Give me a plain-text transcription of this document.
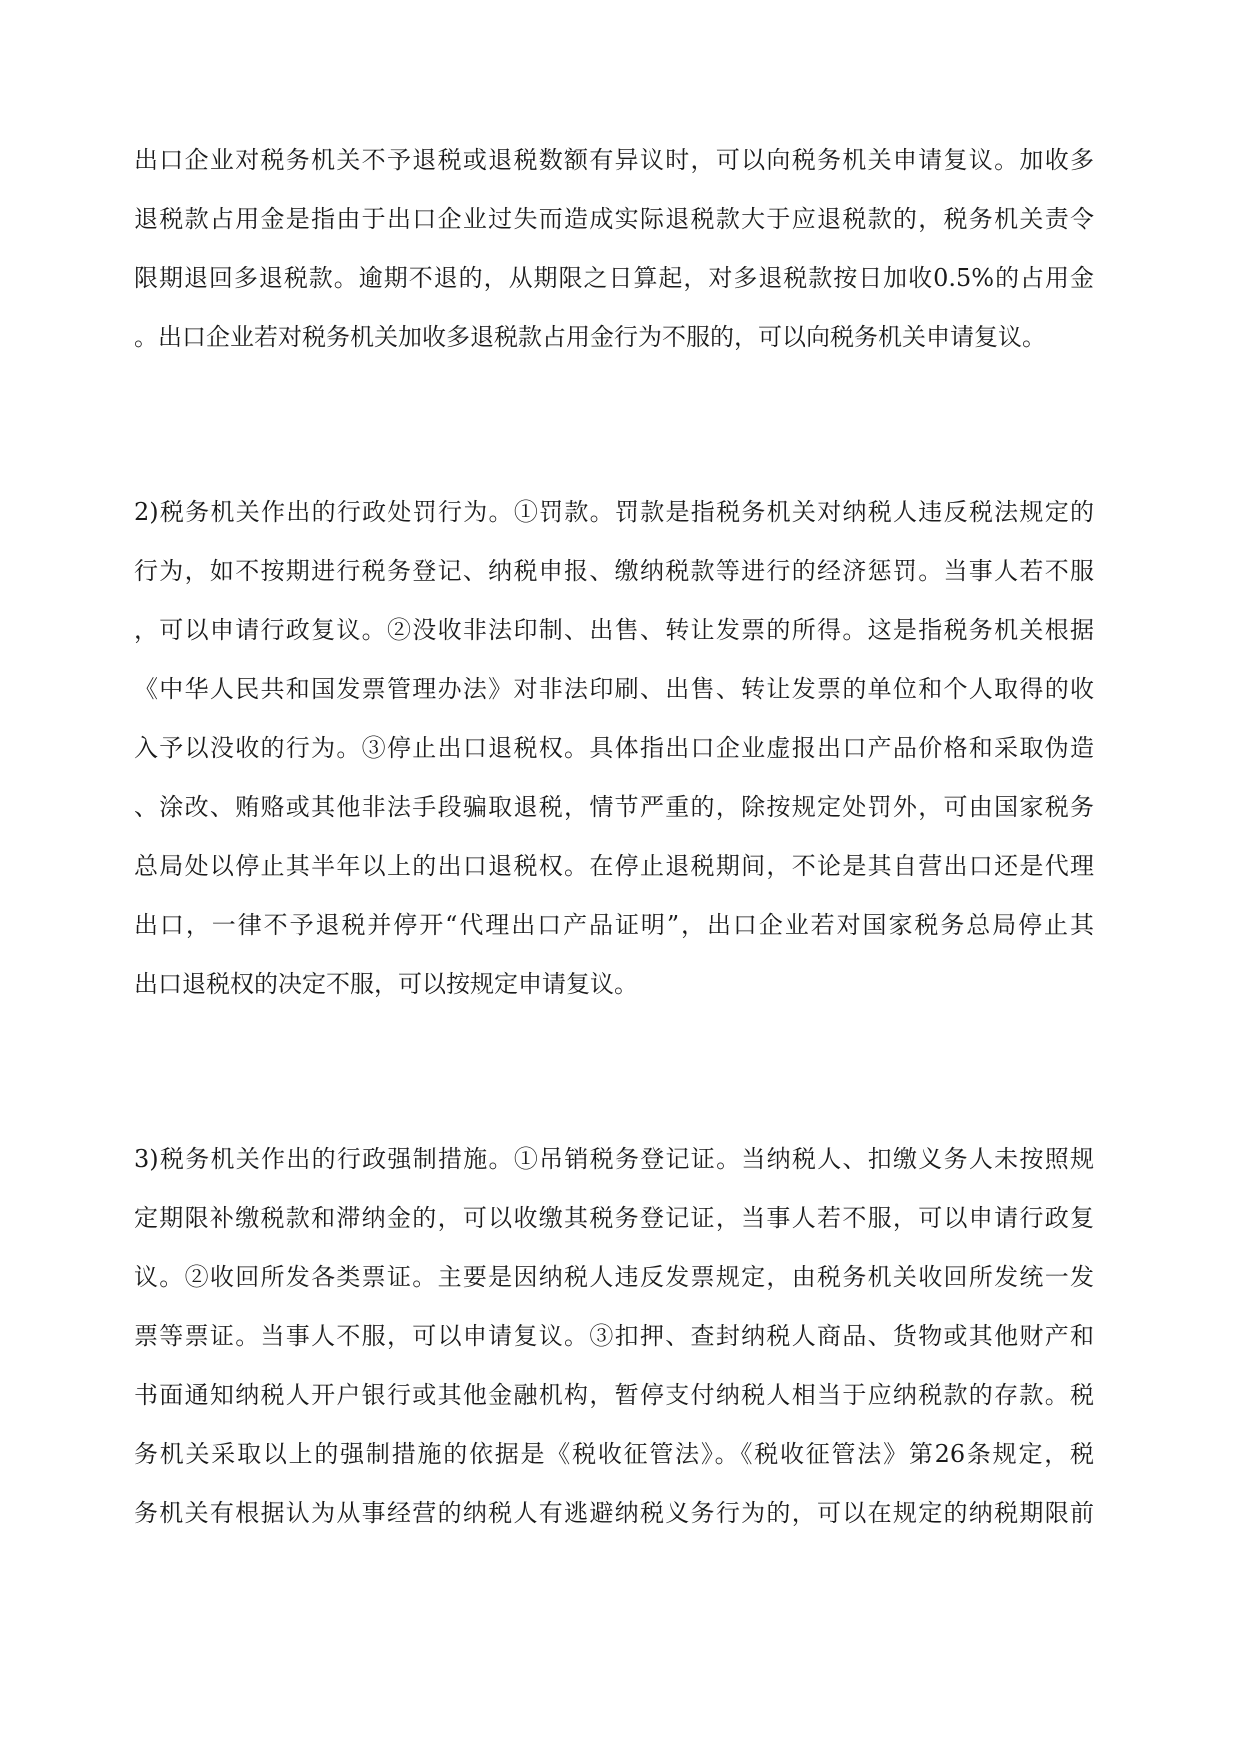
出口企业对税务机关不予退税或退税数额有异议时，可以向税务机关申请复议。加收多
退税款占用金是指由于出口企业过失而造成实际退税款大于应退税款的，税务机关责令
限期退回多退税款。逾期不退的，从期限之日算起，对多退税款按日加收0.5%的占用金
。出口企业若对税务机关加收多退税款占用金行为不服的，可以向税务机关申请复议。
2)税务机关作出的行政处罚行为。①罚款。罚款是指税务机关对纳税人违反税法规定的
行为，如不按期进行税务登记、纳税申报、缴纳税款等进行的经济惩罚。当事人若不服
，可以申请行政复议。②没收非法印制、出售、转让发票的所得。这是指税务机关根据
《中华人民共和国发票管理办法》对非法印刷、出售、转让发票的单位和个人取得的收
入予以没收的行为。③停止出口退税权。具体指出口企业虚报出口产品价格和采取伪造
、涂改、贿赂或其他非法手段骗取退税，情节严重的，除按规定处罚外，可由国家税务
总局处以停止其半年以上的出口退税权。在停止退税期间，不论是其自营出口还是代理
出口，一律不予退税并停开“代理出口产品证明”，出口企业若对国家税务总局停止其
出口退税权的决定不服，可以按规定申请复议。
3)税务机关作出的行政强制措施。①吊销税务登记证。当纳税人、扣缴义务人未按照规
定期限补缴税款和滞纳金的，可以收缴其税务登记证，当事人若不服，可以申请行政复
议。②收回所发各类票证。主要是因纳税人违反发票规定，由税务机关收回所发统一发
票等票证。当事人不服，可以申请复议。③扣押、查封纳税人商品、货物或其他财产和
书面通知纳税人开户银行或其他金融机构，暂停支付纳税人相当于应纳税款的存款。税
务机关采取以上的强制措施的依据是《税收征管法》。《税收征管法》第26条规定，税
务机关有根据认为从事经营的纳税人有逃避纳税义务行为的，可以在规定的纳税期限前
